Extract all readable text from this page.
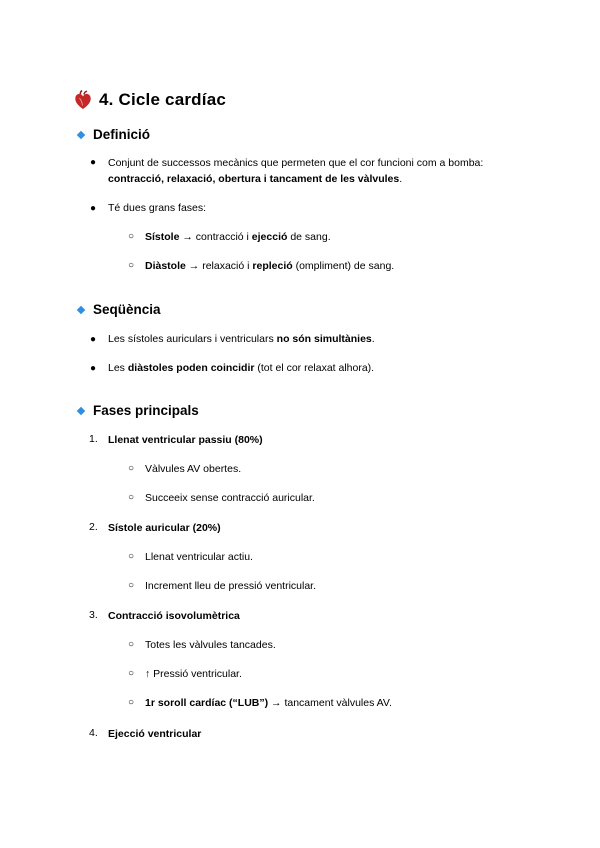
4. Cicle cardíac
Definició
● Conjunt de successos mecànics que permeten que el cor funcioni com a bomba:
contracció, relaxació, obertura i tancament de les vàlvules.
● Té dues grans fases:
○ Sístole → contracció i ejecció de sang.
○ Diàstole → relaxació i repleció (ompliment) de sang.
Seqüència
● Les sístoles auriculars i ventriculars no són simultànies.
● Les diàstoles poden coincidir (tot el cor relaxat alhora).
Fases principals
1. Llenat ventricular passiu (80%)
○ Vàlvules AV obertes.
○ Succeeix sense contracció auricular.
2. Sístole auricular (20%)
○ Llenat ventricular actiu.
○ Increment lleu de pressió ventricular.
3. Contracció isovolumètrica
○ Totes les vàlvules tancades.
○ ↑ Pressió ventricular.
○ 1r soroll cardíac (“LUB”) → tancament vàlvules AV.
4. Ejecció ventricular
